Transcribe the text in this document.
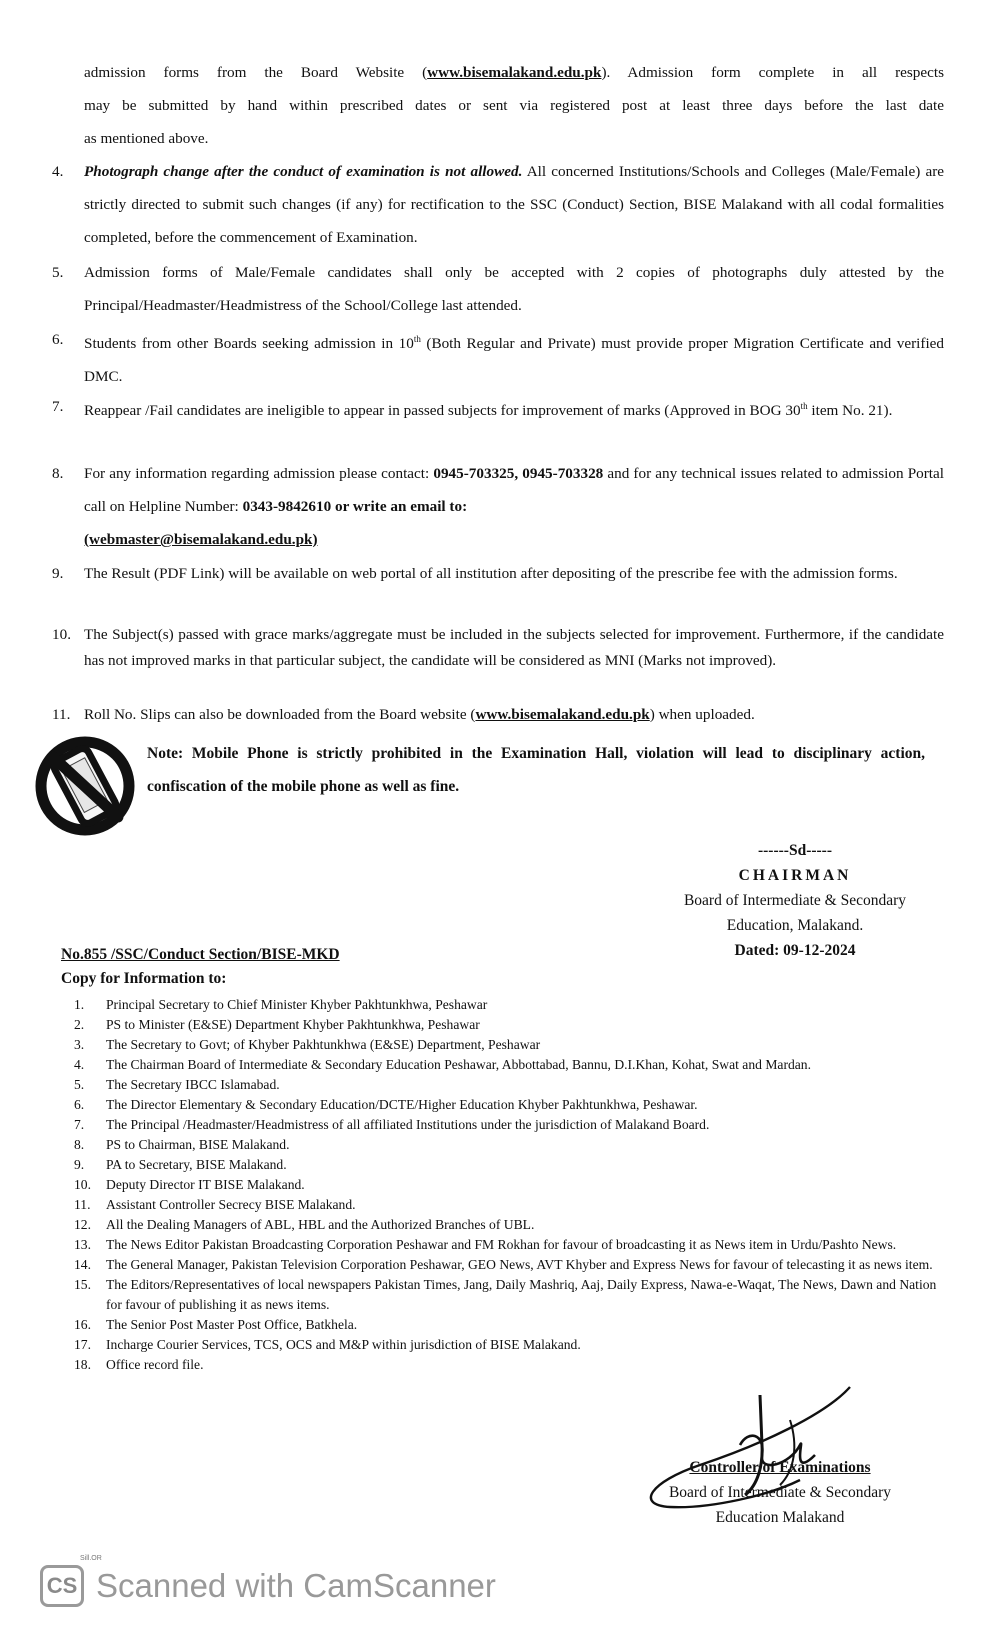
admission forms from the Board Website (www.bisemalakand.edu.pk). Admission form complete in all respects
may be submitted by hand within prescribed dates or sent via registered post at least three days before the last date
as mentioned above.
4. Photograph change after the conduct of examination is not allowed. All concerned Institutions/Schools and Colleges (Male/Female) are strictly directed to submit such changes (if any) for rectification to the SSC (Conduct) Section, BISE Malakand with all codal formalities completed, before the commencement of Examination.
5. Admission forms of Male/Female candidates shall only be accepted with 2 copies of photographs duly attested by the Principal/Headmaster/Headmistress of the School/College last attended.
6. Students from other Boards seeking admission in 10th (Both Regular and Private) must provide proper Migration Certificate and verified DMC.
7. Reappear /Fail candidates are ineligible to appear in passed subjects for improvement of marks (Approved in BOG 30th item No. 21).
8. For any information regarding admission please contact: 0945-703325, 0945-703328 and for any technical issues related to admission Portal call on Helpline Number: 0343-9842610 or write an email to:
(webmaster@bisemalakand.edu.pk)
9. The Result (PDF Link) will be available on web portal of all institution after depositing of the prescribe fee with the admission forms.
10. The Subject(s) passed with grace marks/aggregate must be included in the subjects selected for improvement. Furthermore, if the candidate has not improved marks in that particular subject, the candidate will be considered as MNI (Marks not improved).
11. Roll No. Slips can also be downloaded from the Board website (www.bisemalakand.edu.pk) when uploaded.
Note: Mobile Phone is strictly prohibited in the Examination Hall, violation will lead to disciplinary action, confiscation of the mobile phone as well as fine.
------Sd-----
CHAIRMAN
Board of Intermediate & Secondary
Education, Malakand.
Dated: 09-12-2024
No.855 /SSC/Conduct Section/BISE-MKD
Copy for Information to:
1. Principal Secretary to Chief Minister Khyber Pakhtunkhwa, Peshawar
2. PS to Minister (E&SE) Department Khyber Pakhtunkhwa, Peshawar
3. The Secretary to Govt; of Khyber Pakhtunkhwa (E&SE) Department, Peshawar
4. The Chairman Board of Intermediate & Secondary Education Peshawar, Abbottabad, Bannu, D.I.Khan, Kohat, Swat and Mardan.
5. The Secretary IBCC Islamabad.
6. The Director Elementary & Secondary Education/DCTE/Higher Education Khyber Pakhtunkhwa, Peshawar.
7. The Principal /Headmaster/Headmistress of all affiliated Institutions under the jurisdiction of Malakand Board.
8. PS to Chairman, BISE Malakand.
9. PA to Secretary, BISE Malakand.
10. Deputy Director IT BISE Malakand.
11. Assistant Controller Secrecy BISE Malakand.
12. All the Dealing Managers of ABL, HBL and the Authorized Branches of UBL.
13. The News Editor Pakistan Broadcasting Corporation Peshawar and FM Rokhan for favour of broadcasting it as News item in Urdu/Pashto News.
14. The General Manager, Pakistan Television Corporation Peshawar, GEO News, AVT Khyber and Express News for favour of telecasting it as news item.
15. The Editors/Representatives of local newspapers Pakistan Times, Jang, Daily Mashriq, Aaj, Daily Express, Nawa-e-Waqat, The News, Dawn and Nation for favour of publishing it as news items.
16. The Senior Post Master Post Office, Batkhela.
17. Incharge Courier Services, TCS, OCS and M&P within jurisdiction of BISE Malakand.
18. Office record file.
Controller of Examinations
Board of Intermediate & Secondary
Education Malakand
Sill.OR
CS Scanned with CamScanner
